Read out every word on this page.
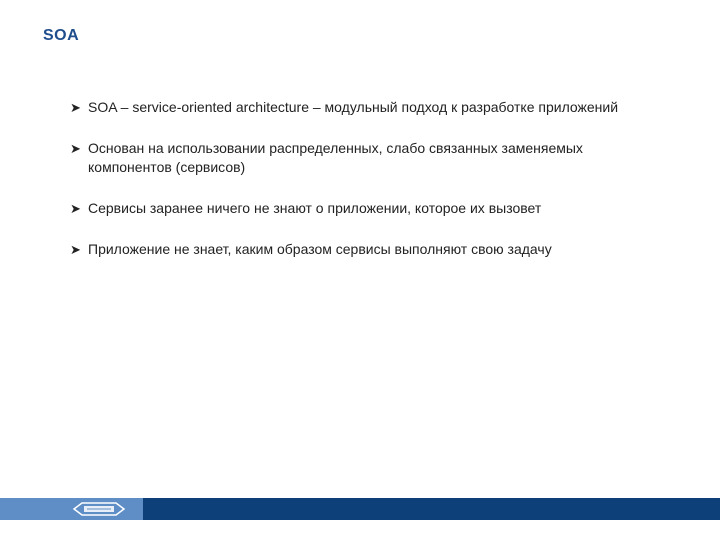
SOA
➤ SOA – service-oriented architecture – модульный подход к разработке приложений
➤ Основан на использовании распределенных, слабо связанных заменяемых компонентов (сервисов)
➤ Сервисы заранее ничего не знают о приложении, которое их вызовет
➤ Приложение не знает, каким образом сервисы выполняют свою задачу
